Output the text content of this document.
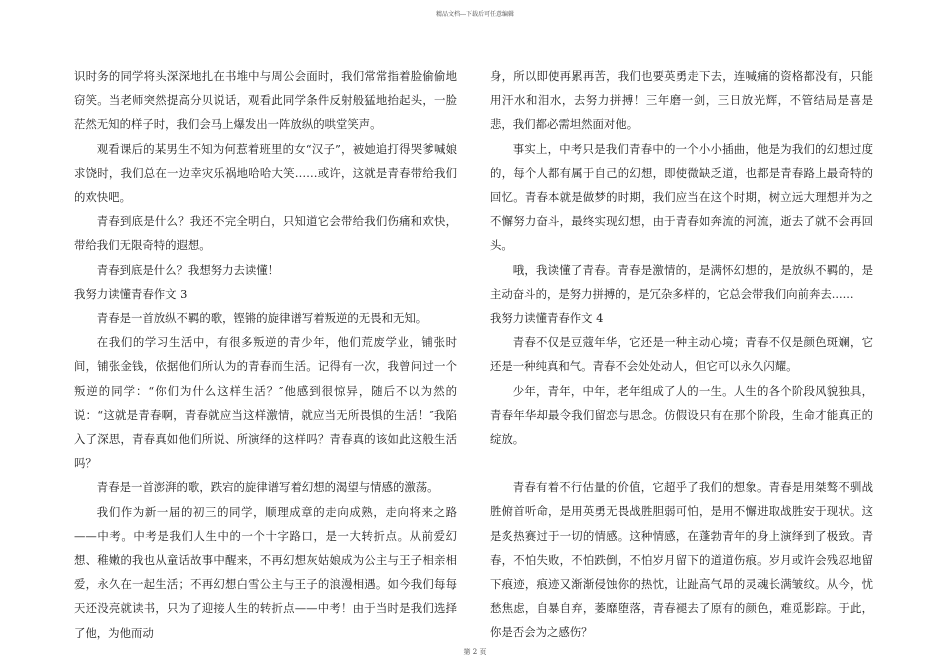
精品文档---下载后可任意编辑

识时务的同学将头深深地扎在书堆中与周公会面时，我们常常指着脸偷偷地窃笑。当老师突然提高分贝说话，观看此同学条件反射般猛地抬起头，一脸茫然无知的样子时，我们会马上爆发出一阵放纵的哄堂笑声。

观看课后的某男生不知为何惹着班里的女“汉子”，被她追打得哭爹喊娘求饶时，我们总在一边幸灾乐祸地哈哈大笑……或许，这就是青春带给我们的欢快吧。

青春到底是什么？我还不完全明白，只知道它会带给我们伤痛和欢快，带给我们无限奇特的遐想。

青春到底是什么？我想努力去读懂！

我努力读懂青春作文 3

青春是一首放纵不羁的歌，铿锵的旋律谱写着叛逆的无畏和无知。

在我们的学习生活中，有很多叛逆的青少年，他们荒废学业，铺张时间，铺张金钱，依据他们所认为的青春而生活。记得有一次，我曾问过一个叛逆的同学：“你们为什么这样生活？″他感到很惊异，随后不以为然的说：“这就是青春啊，青春就应当这样激情，就应当无所畏惧的生活！″我陷入了深思，青春真如他们所说、所演绎的这样吗？青春真的该如此这般生活吗？

青春是一首澎湃的歌，跌宕的旋律谱写着幻想的渴望与情感的激荡。

我们作为新一届的初三的同学，顺理成章的走向成熟，走向将来之路——中考。中考是我们人生中的一个十字路口，是一大转折点。从前爱幻想、稚嫩的我也从童话故事中醒来，不再幻想灰姑娘成为公主与王子相亲相爱，永久在一起生活；不再幻想白雪公主与王子的浪漫相遇。如今我们每每天还没亮就读书，只为了迎接人生的转折点——中考！由于当时是我们选择了他，为他而动

身，所以即使再累再苦，我们也要英勇走下去，连喊痛的资格都没有，只能用汗水和泪水，去努力拼搏！三年磨一剑，三日放光辉，不管结局是喜是悲，我们都必需坦然面对他。

事实上，中考只是我们青春中的一个小小插曲，他是为我们的幻想过度的，每个人都有属于自己的幻想，即使微缺乏道，也都是青春路上最奇特的回忆。青春本就是做梦的时期，我们应当在这个时期，树立远大理想并为之不懈努力奋斗，最终实现幻想，由于青春如奔流的河流，逝去了就不会再回头。

哦，我读懂了青春。青春是激情的，是满怀幻想的，是放纵不羁的，是主动奋斗的，是努力拼搏的，是冗杂多样的，它总会带我们向前奔去......

我努力读懂青春作文 4

青春不仅是豆蔻年华，它还是一种主动心境；青春不仅是颜色斑斓，它还是一种纯真和气。青春不会处处动人，但它可以永久闪耀。

少年，青年，中年，老年组成了人的一生。人生的各个阶段风貌独具，青春年华却最令我们留恋与思念。仿假设只有在那个阶段，生命才能真正的绽放。

青春有着不行估量的价值，它超乎了我们的想象。青春是用桀骜不驯战胜俯首听命，是用英勇无畏战胜胆弱可怕，是用不懈进取战胜安于现状。这是炙热赛过于一切的情感。这种情感，在蓬勃青年的身上演绎到了极致。青春，不怕失败，不怕跌倒，不怕岁月留下的道道伤痕。岁月或许会残忍地留下痕迹，痕迹又渐渐侵蚀你的热忱，让趾高气昂的灵魂长满皱纹。从今，忧愁焦虑，自暴自弃，萎靡堕落，青春褪去了原有的颜色，难觅影踪。于此，你是否会为之感伤？

第 2 页
